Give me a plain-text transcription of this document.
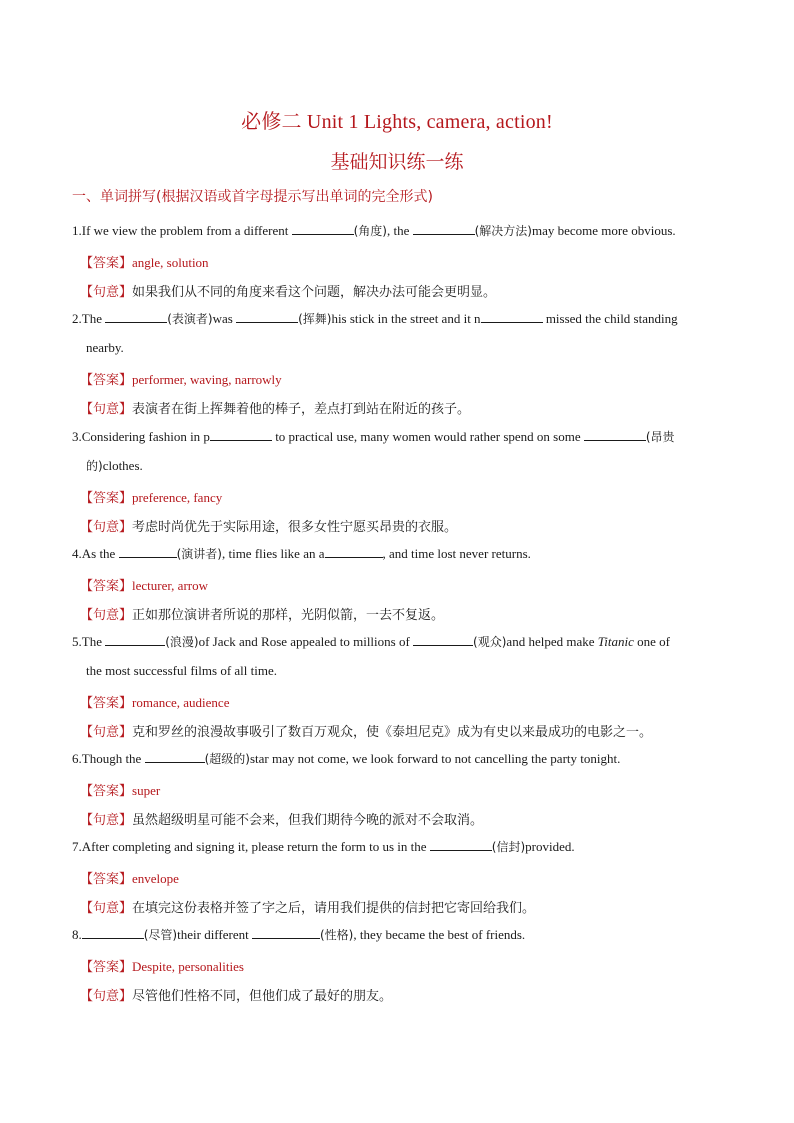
必修二 Unit 1 Lights, camera, action!
基础知识练一练
一、单词拼写(根据汉语或首字母提示写出单词的完全形式)
1.If we view the problem from a different	(角度), the	(解决方法)may become more obvious.
【答案】angle, solution
【句意】如果我们从不同的角度来看这个问题，解决办法可能会更明显。
2.The	(表演者)was	(挥舞)his stick in the street and it n	missed the child standing
nearby.
【答案】performer, waving, narrowly
【句意】表演者在街上挥舞着他的棒子，差点打到站在附近的孩子。
3.Considering fashion in p	to practical use, many women would rather spend on some	(昂贵
的)clothes.
【答案】preference, fancy
【句意】考虑时尚优先于实际用途，很多女性宁愿买昂贵的衣服。
4.As the	(演讲者), time flies like an a	, and time lost never returns.
【答案】lecturer, arrow
【句意】正如那位演讲者所说的那样，光阴似箭，一去不复返。
5.The	(浪漫)of Jack and Rose appealed to millions of	(观众)and helped make Titanic one of
the most successful films of all time.
【答案】romance, audience
【句意】克和罗丝的浪漫故事吸引了数百万观众，使《泰坦尼克》成为有史以来最成功的电影之一。
6.Though the	(超级的)star may not come, we look forward to not cancelling the party tonight.
【答案】super
【句意】虽然超级明星可能不会来，但我们期待今晚的派对不会取消。
7.After completing and signing it, please return the form to us in the	(信封)provided.
【答案】envelope
【句意】在填完这份表格并签了字之后，请用我们提供的信封把它寄回给我们。
8.	(尽管)their different	(性格), they became the best of friends.
【答案】Despite, personalities
【句意】尽管他们性格不同，但他们成了最好的朋友。
